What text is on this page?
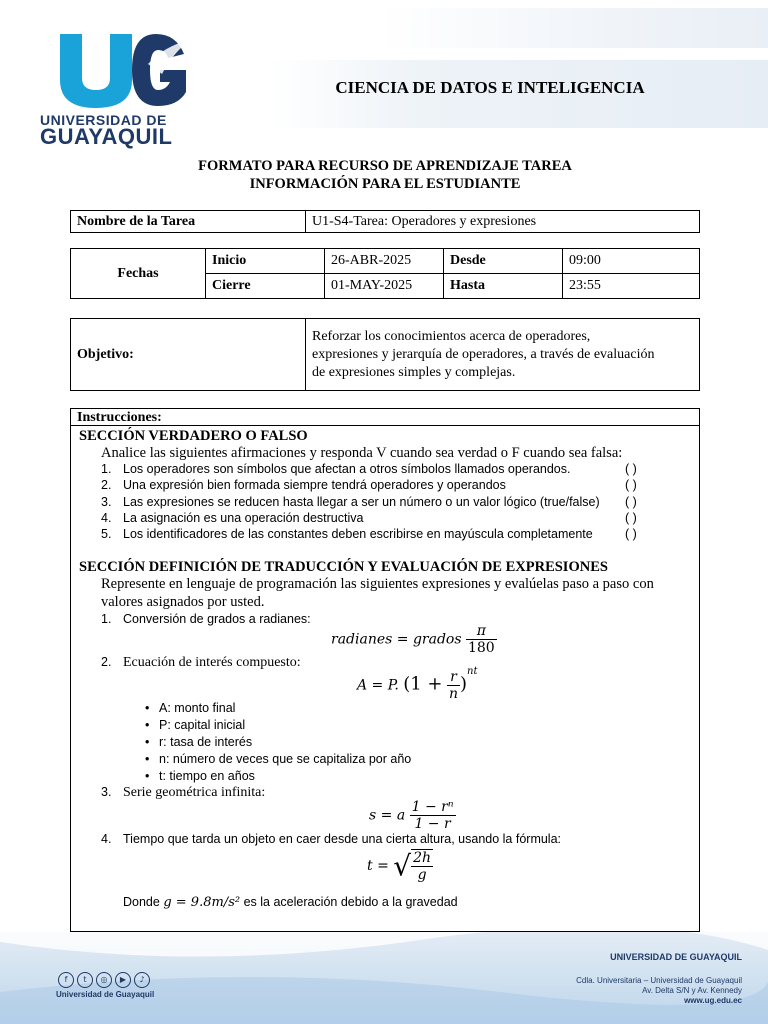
UNIVERSIDAD DE
GUAYAQUIL
CIENCIA DE DATOS E INTELIGENCIA
FORMATO PARA RECURSO DE APRENDIZAJE TAREA
INFORMACIÓN PARA EL ESTUDIANTE
Nombre de la Tarea	U1-S4-Tarea: Operadores y expresiones
Fechas	Inicio	26-ABR-2025	Desde	09:00
	Cierre	01-MAY-2025	Hasta	23:55
Objetivo:	
Reforzar los conocimientos acerca de operadores,
expresiones y jerarquía de operadores, a través de evaluación
de expresiones simples y complejas.
Instrucciones:
SECCIÓN VERDADERO O FALSO
Analice las siguientes afirmaciones y responda V cuando sea verdad o F cuando sea falsa:
1. Los operadores son símbolos que afectan a otros símbolos llamados operandos.	( )
2. Una expresión bien formada siempre tendrá operadores y operandos	( )
3. Las expresiones se reducen hasta llegar a ser un número o un valor lógico (true/false) ( )
4. La asignación es una operación destructiva	( )
5. Los identificadores de las constantes deben escribirse en mayúscula completamente	( )
SECCIÓN DEFINICIÓN DE TRADUCCIÓN Y EVALUACIÓN DE EXPRESIONES
Represente en lenguaje de programación las siguientes expresiones y evalúelas paso a paso con
valores asignados por usted.
1. Conversión de grados a radianes:
radianes = grados $\frac{\pi}{180}$
2. Ecuación de interés compuesto:
A = P. $(1 + \frac{r}{n} )^{nt}$
• A: monto final
• P: capital inicial
• r: tasa de interés
• n: número de veces que se capitaliza por año
• t: tiempo en años
3. Serie geométrica infinita:
s = a $\frac{\text{1 − rⁿ}}{1 - r}$
4. Tiempo que tarda un objeto en caer desde una cierta altura, usando la fórmula:
t = √ $\frac{2h}{g}$
Donde g = 9.8m/s² es la aceleración debido a la gravedad
f	t	◎	▶	♪
Universidad de Guayaquil
UNIVERSIDAD DE GUAYAQUIL
Cdla. Universitaria – Universidad de Guayaquil
Av. Delta S/N y Av. Kennedy
www.ug.edu.ec
